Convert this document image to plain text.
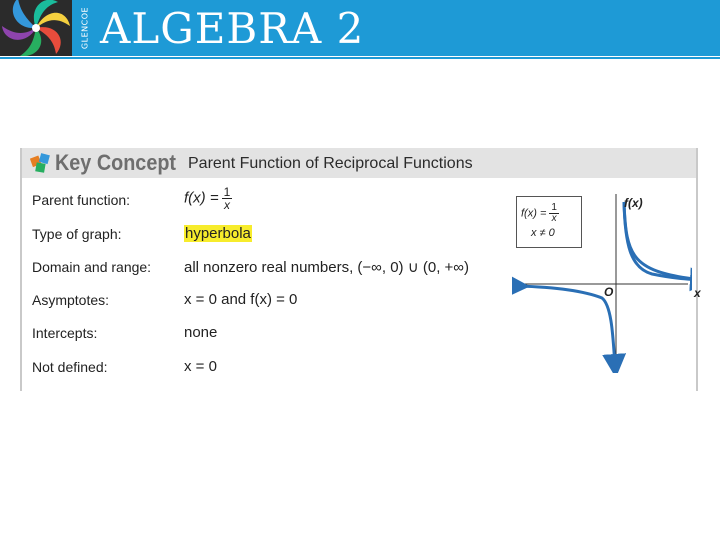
GLENCOE ALGEBRA 2
Key Concept Parent Function of Reciprocal Functions
Parent function:	$f(x) = \frac{1}{x}$
Type of graph:	hyperbola
Domain and range: all nonzero real numbers, (−∞, 0) ∪ (0, +∞)
Asymptotes:	x = 0 and f(x) = 0
Intercepts:	none
Not defined:	x = 0
$f(x) = \frac{1}{x}$
x ≠ 0
f(x)
x
O
